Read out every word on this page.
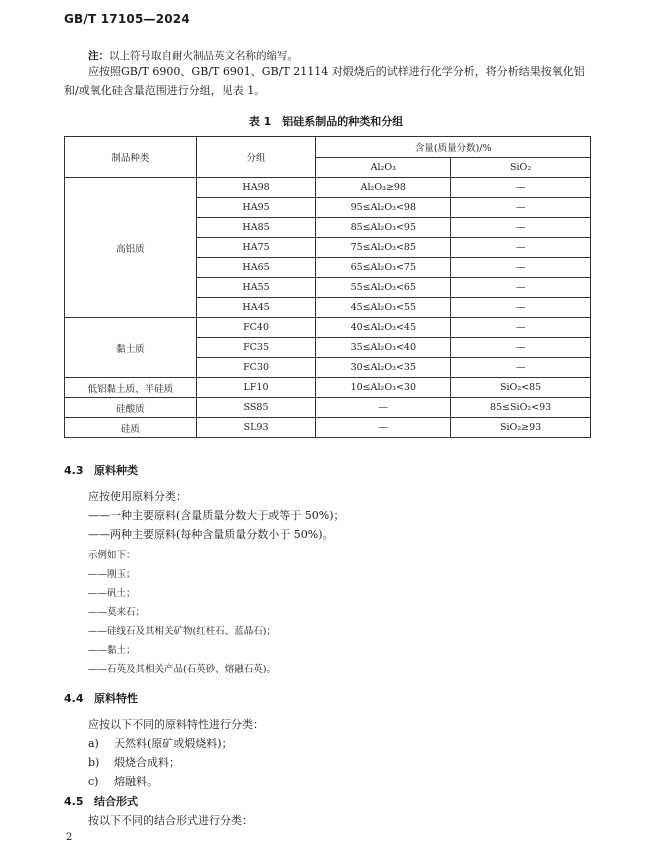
GB/T 17105—2024
注：以上符号取自耐火制品英文名称的缩写。
应按照GB/T 6900、GB/T 6901、GB/T 21114 对煅烧后的试样进行化学分析，将分析结果按氧化铝
和/或氧化硅含量范围进行分组，见表 1。
表 1　铝硅系制品的种类和分组
制品种类	分组	含量(质量分数)/%	
		Al₂O₃	SiO₂
高铝质	HA98	Al₂O₃≥98	—
	HA95	95≤Al₂O₃<98	—
	HA85	85≤Al₂O₃<95	—
	HA75	75≤Al₂O₃<85	—
	HA65	65≤Al₂O₃<75	—
	HA55	55≤Al₂O₃<65	—
	HA45	45≤Al₂O₃<55	—
黏土质	FC40	40≤Al₂O₃<45	—
	FC35	35≤Al₂O₃<40	—
	FC30	30≤Al₂O₃<35	—
低铝黏土质、半硅质	LF10	10≤Al₂O₃<30	SiO₂<85
硅酸质	SS85	—	85≤SiO₂<93
硅质	SL93	—	SiO₂≥93
4.3 原料种类
应按使用原料分类：
——一种主要原料(含量质量分数大于或等于 50%)；
——两种主要原料(每种含量质量分数小于 50%)。
示例如下：
——刚玉；
——矾土；
——莫来石；
——硅线石及其相关矿物(红柱石、蓝晶石)；
——黏土；
——石英及其相关产品(石英砂、熔融石英)。
4.4 原料特性
应按以下不同的原料特性进行分类：
a) 天然料(原矿或煅烧料)；
b) 煅烧合成料；
c) 熔融料。
4.5 结合形式
2
按以下不同的结合形式进行分类：
